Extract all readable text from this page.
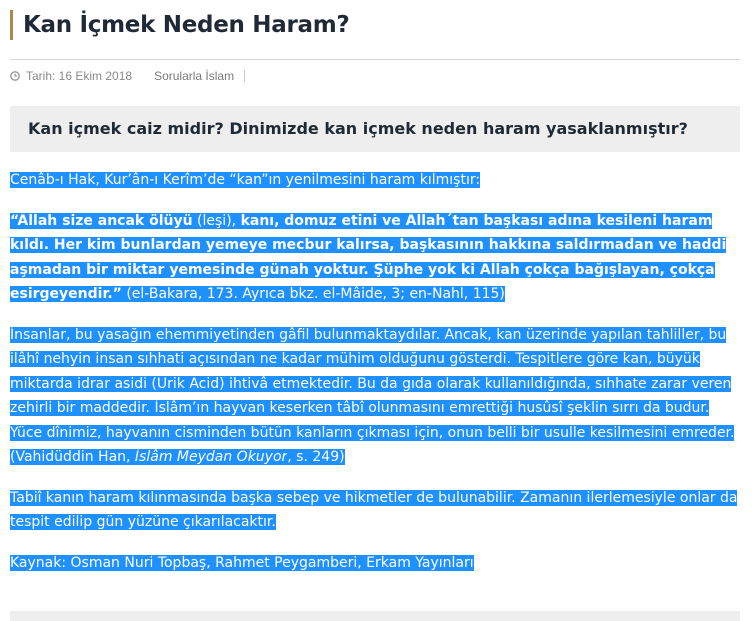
Kan İçmek Neden Haram?
Tarih: 16 Ekim 2018 Sorularla İslam
Kan içmek caiz midir? Dinimizde kan içmek neden haram yasaklanmıştır?

Cenâb-ı Hak, Kur’ân-ı Kerîm’de “kan”ın yenilmesini haram kılmıştır:

“Allah size ancak ölüyü (leşi), kanı, domuz etini ve Allah´tan başkası adına kesileni haram kıldı. Her kim bunlardan yemeye mecbur kalırsa, başkasının hakkına saldırmadan ve haddi aşmadan bir miktar yemesinde günah yoktur. Şüphe yok ki Allah çokça bağışlayan, çokça esirgeyendir.” (el-Bakara, 173. Ayrıca bkz. el-Mâide, 3; en-Nahl, 115)

İnsanlar, bu yasağın ehemmiyetinden gâfil bulunmaktaydılar. Ancak, kan üzerinde yapılan tahliller, bu ilâhî nehyin insan sıhhati açısından ne kadar mühim olduğunu gösterdi. Tespitlere göre kan, büyük miktarda idrar asidi (Urik Acid) ihtivâ etmektedir. Bu da gıda olarak kullanıldığında, sıhhate zarar veren zehirli bir maddedir. İslâm’ın hayvan keserken tâbî olunmasını emrettiği husûsî şeklin sırrı da budur. Yüce dînimiz, hayvanın cisminden bütün kanların çıkması için, onun belli bir usulle kesilmesini emreder. (Vahidüddin Han, İslâm Meydan Okuyor, s. 249)

Tabiî kanın haram kılınmasında başka sebep ve hikmetler de bulunabilir. Zamanın ilerlemesiyle onlar da tespit edilip gün yüzüne çıkarılacaktır.

Kaynak: Osman Nuri Topbaş, Rahmet Peygamberi, Erkam Yayınları
